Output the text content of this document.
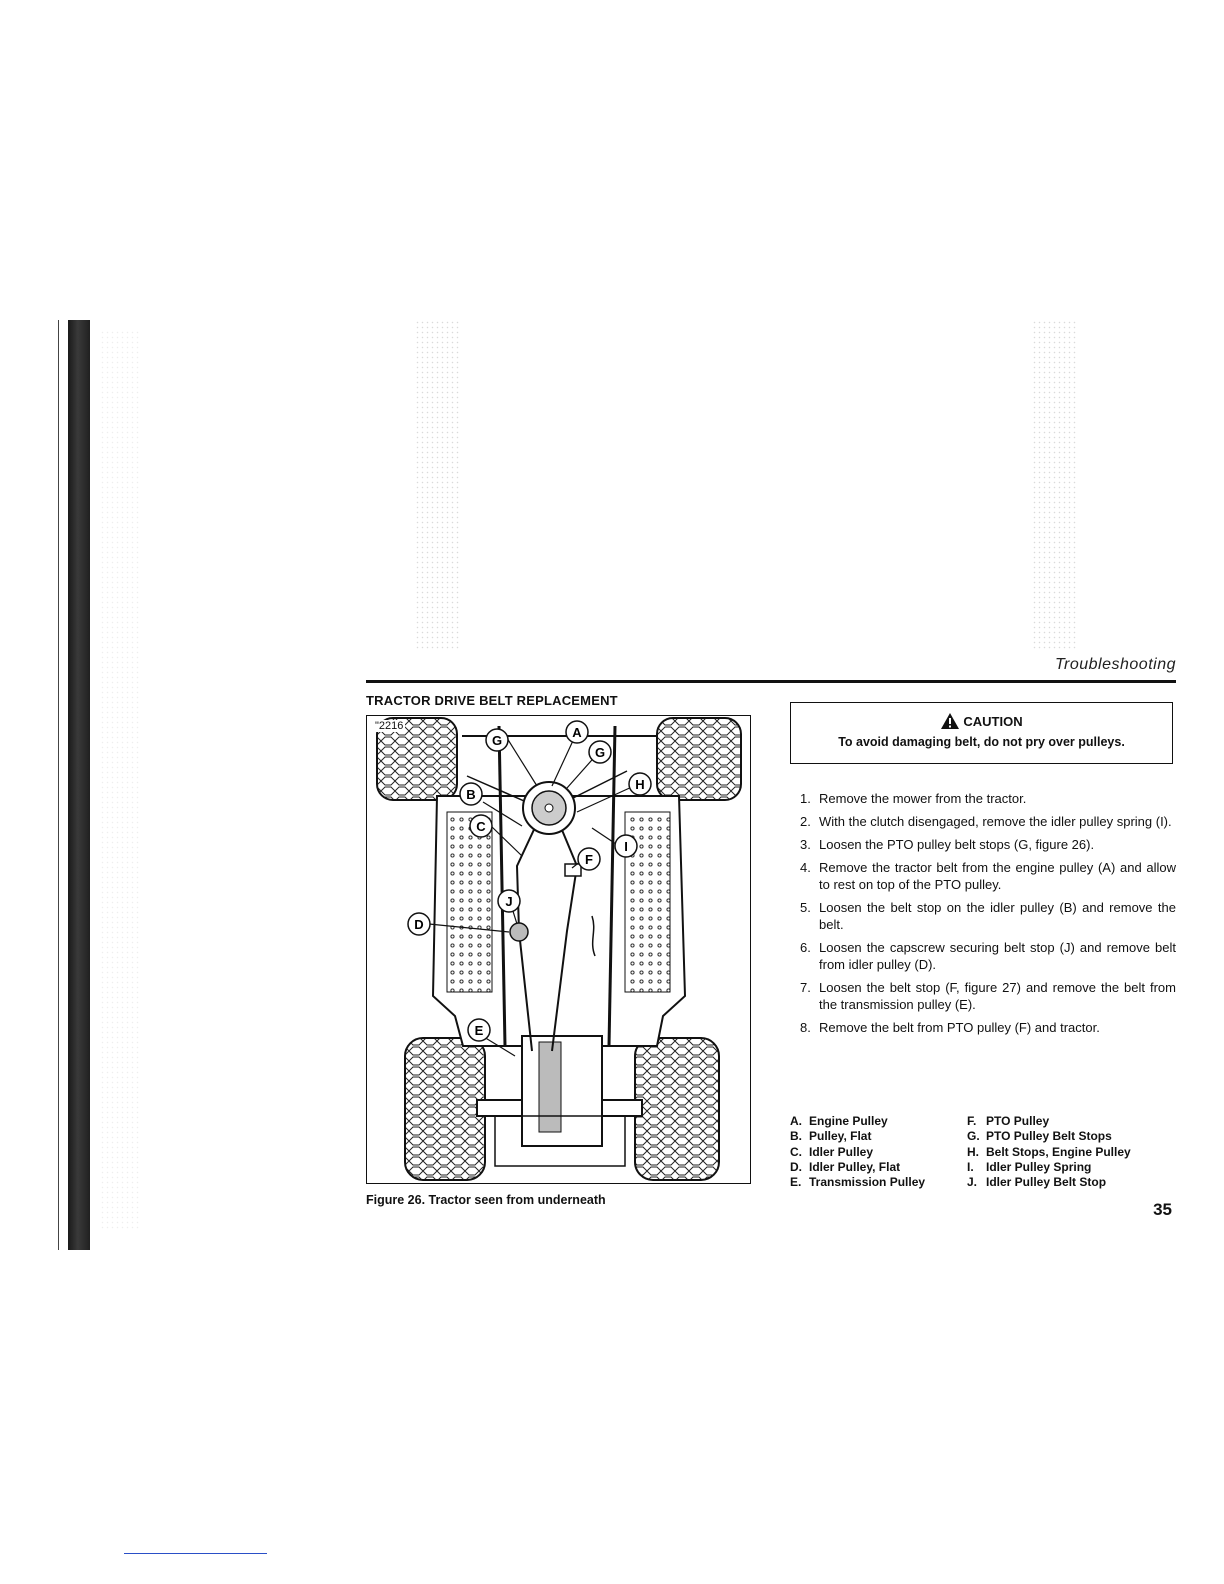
Troubleshooting
TRACTOR DRIVE BELT REPLACEMENT
A
G
G
H
B
C
I
F
J
D
E
"2216
Figure 26. Tractor seen from underneath
CAUTION
To avoid damaging belt, do not pry over pulleys.
1. Remove the mower from the tractor.
2. With the clutch disengaged, remove the idler pulley spring (I).
3. Loosen the PTO pulley belt stops (G, figure 26).
4. Remove the tractor belt from the engine pulley (A) and allow to rest on top of the PTO pulley.
5. Loosen the belt stop on the idler pulley (B) and remove the belt.
6. Loosen the capscrew securing belt stop (J) and remove belt from idler pulley (D).
7. Loosen the belt stop (F, figure 27) and remove the belt from the transmission pulley (E).
8. Remove the belt from PTO pulley (F) and tractor.
A. Engine Pulley
B. Pulley, Flat
C. Idler Pulley
D. Idler Pulley, Flat
E. Transmission Pulley
F. PTO Pulley
G. PTO Pulley Belt Stops
H. Belt Stops, Engine Pulley
I.	Idler Pulley Spring
J. Idler Pulley Belt Stop
35
